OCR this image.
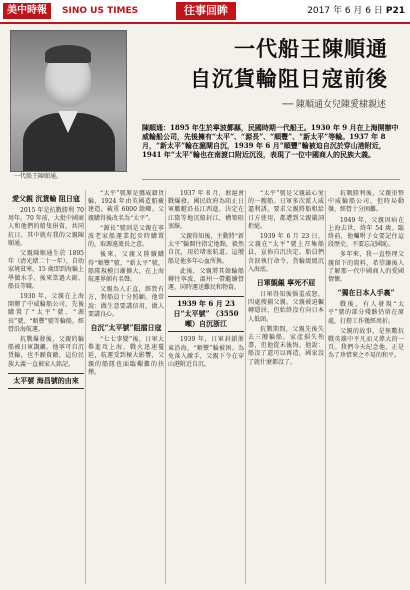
美中時報	SINO US TIMES	往事回眸	2017 年 6 月 6 日 P21
一代船王陳順通。
一代船王陳順通
自沉貨輪阻日寇前後
── 陳順通女兒陳愛棣親述
陳順通：1895 年生於寧波鄞縣，民國時期一代船王。1930 年 9 月在上海開辦中威輪船公司，先後擁有“太平”、“源長”、“順豐”、“新太平”等輪。1937 年 8 月，“新太平”輪在滬閘自沉，1939 年 6 月“順豐”輪被迫自沉於穿山港附近，1941 年“太平”輪也在南渡口附近沉沒，表現了一位中國商人的民族大義。
愛父親 沉貨輪 阻日寇

2015 年是抗戰勝利 70 周年。70 年前，大批中國商人和他們的船隻捐資，共同抗日，其中就有我的父親陳順通。

父親陳順通生於 1895 年（清光緒二十一年），自幼家境貧寒，15 歲即到海輪上學做水手，後來當過大副、船長等職。

1930 年，父親在上海開辦了中威輪船公司，先後購置了“太平”號、“源長”號、“順豐”號等輪船，經營沿海航運。

抗戰爆發後，父親的輪船被日軍覬覦。他寧可自沉貨輪，也不願資敵，這份民族大義一直被家人銘記。

太平號 海昌號的由來

“太平”號原是挪威籍貨輪，1924 年由英國造船廠建造，載重 6000 餘噸。父親購得後改名為“太平”。

“源長”號則是父親在寧波老家船運業起步時購置的，取源遠流長之意。

後來，父親又陸續購得“順豐”號、“新太平”號，船隊規模日漸擴大，在上海航運界頗有名聲。

父親為人正直，經營有方，對船員十分照顧。他常說：做生意要講信用，做人要講良心。

自沉“太平號”阻擋日寇

“七七事變”後，日軍大舉進攻上海，戰火迅速蔓延，航運受到極大影響，父親的船隊也面臨艱難的抉擇。

1937 年 8 月，淞滬會戰爆發。國民政府為阻止日軍艦艇沿長江西進，決定在江陰等地沉船封江，構築阻塞線。

父親得知後，主動將“新太平”輪開往指定地點，毅然自沉，用於堵塞航道。這艘船是他多年心血所換。

此後，父親將其餘輪船轉往寧波、溫州一帶繼續營運，同時運送難民和物資。

1939 年 6 月 23 日“太平號” （3550 噸）自沉浙江

1939 年，日軍封鎖浙東沿海，“順豐”輪被困。為免落入敵手，父親下令在穿山港附近自沉。

“太平”號是父親最心愛的一艘船。日軍多次派人威逼利誘，要求父親將船租給日方使用，都遭到父親嚴詞拒絕。

1939 年 6 月 23 日，父親在“太平”號上召集船員，宣佈自沉決定。船員們含淚執行命令，貨輪緩緩沉入海底。

日軍覬覦 寧死不屈

日軍得知後惱羞成怒，四處搜捕父親。父親被迫輾轉隱居，但始終沒有向日本人低頭。

抗戰期間，父親先後失去三艘輪船，家產損失殆盡，但他從未後悔。他說：船沒了還可以再造，國家沒了就什麼都沒了。

抗戰勝利後，父親重整中威輪船公司，但時局動盪，經營十分困難。

1949 年，父親因病在上海去世，終年 54 歲。臨終前，他囑咐子女要記住這段歷史，不要忘記國恥。

多年來，我一直整理父親留下的資料，希望讓後人了解那一代中國商人的愛國情懷。

“獨在日本人手裏”

戰後，有人發現“太平”號的部分殘骸仍留在原處，打撈工作幾經周折。

父親的故事，是無數抗戰英雄中平凡而又偉大的一頁。我們今天紀念他，正是為了珍惜來之不易的和平。
